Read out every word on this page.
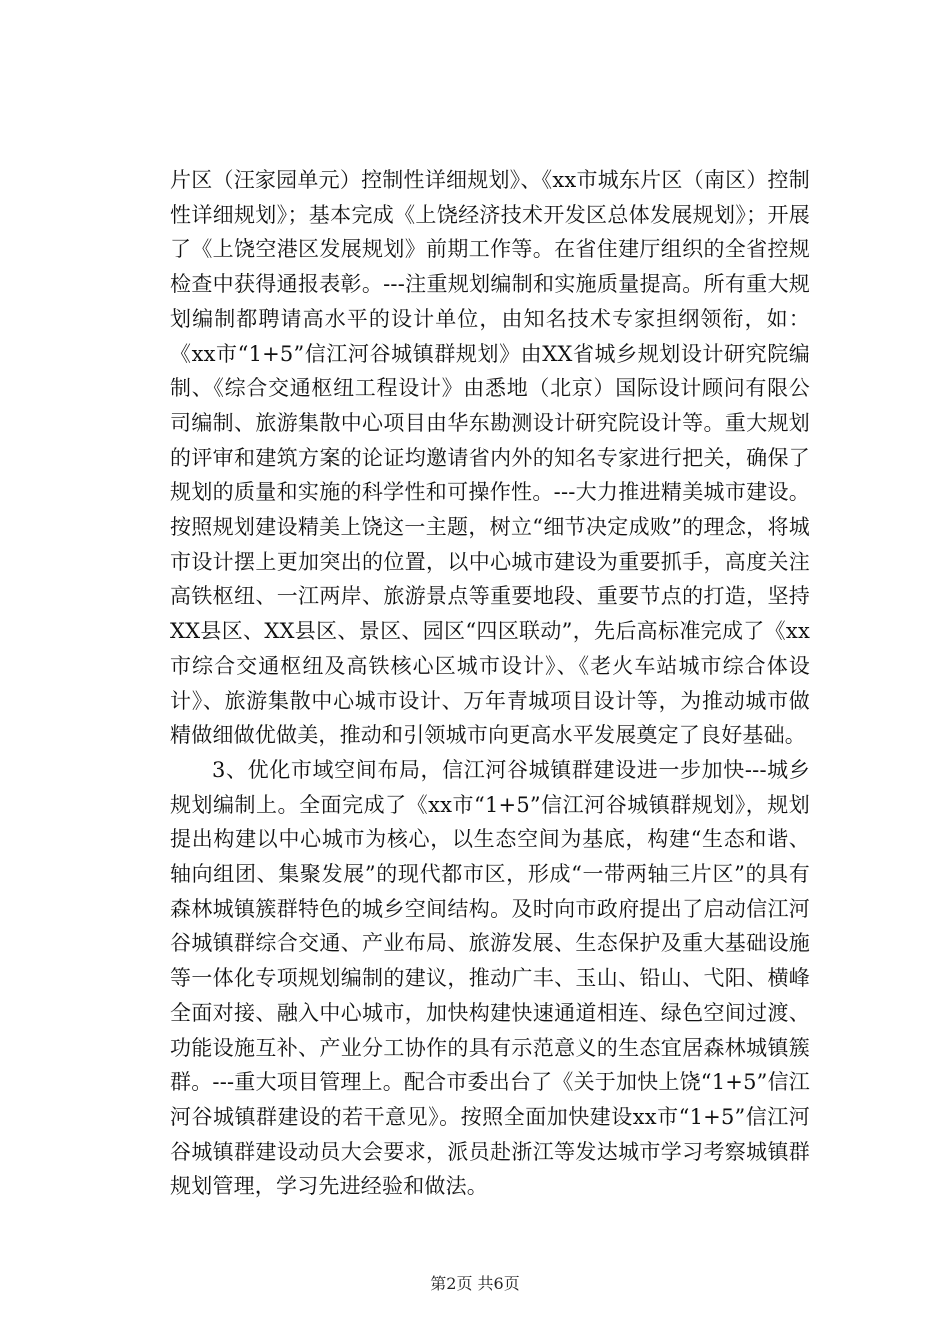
片区（汪家园单元）控制性详细规划》、《xx市城东片区（南区）控制性详细规划》；基本完成《上饶经济技术开发区总体发展规划》；开展了《上饶空港区发展规划》前期工作等。在省住建厅组织的全省控规检查中获得通报表彰。---注重规划编制和实施质量提高。所有重大规划编制都聘请高水平的设计单位，由知名技术专家担纲领衔，如：《xx市“1+5”信江河谷城镇群规划》由XX省城乡规划设计研究院编制、《综合交通枢纽工程设计》由悉地（北京）国际设计顾问有限公司编制、旅游集散中心项目由华东勘测设计研究院设计等。重大规划的评审和建筑方案的论证均邀请省内外的知名专家进行把关，确保了规划的质量和实施的科学性和可操作性。---大力推进精美城市建设。按照规划建设精美上饶这一主题，树立“细节决定成败”的理念，将城市设计摆上更加突出的位置，以中心城市建设为重要抓手，高度关注高铁枢纽、一江两岸、旅游景点等重要地段、重要节点的打造，坚持XX县区、XX县区、景区、园区“四区联动”，先后高标准完成了《xx市综合交通枢纽及高铁核心区城市设计》、《老火车站城市综合体设计》、旅游集散中心城市设计、万年青城项目设计等，为推动城市做精做细做优做美，推动和引领城市向更高水平发展奠定了良好基础。

3、优化市域空间布局，信江河谷城镇群建设进一步加快---城乡规划编制上。全面完成了《xx市“1+5”信江河谷城镇群规划》，规划提出构建以中心城市为核心，以生态空间为基底，构建“生态和谐、轴向组团、集聚发展”的现代都市区，形成“一带两轴三片区”的具有森林城镇簇群特色的城乡空间结构。及时向市政府提出了启动信江河谷城镇群综合交通、产业布局、旅游发展、生态保护及重大基础设施等一体化专项规划编制的建议，推动广丰、玉山、铅山、弋阳、横峰全面对接、融入中心城市，加快构建快速通道相连、绿色空间过渡、功能设施互补、产业分工协作的具有示范意义的生态宜居森林城镇簇群。---重大项目管理上。配合市委出台了《关于加快上饶“1+5”信江河谷城镇群建设的若干意见》。按照全面加快建设xx市“1+5”信江河谷城镇群建设动员大会要求，派员赴浙江等发达城市学习考察城镇群规划管理，学习先进经验和做法。

第2页 共6页
